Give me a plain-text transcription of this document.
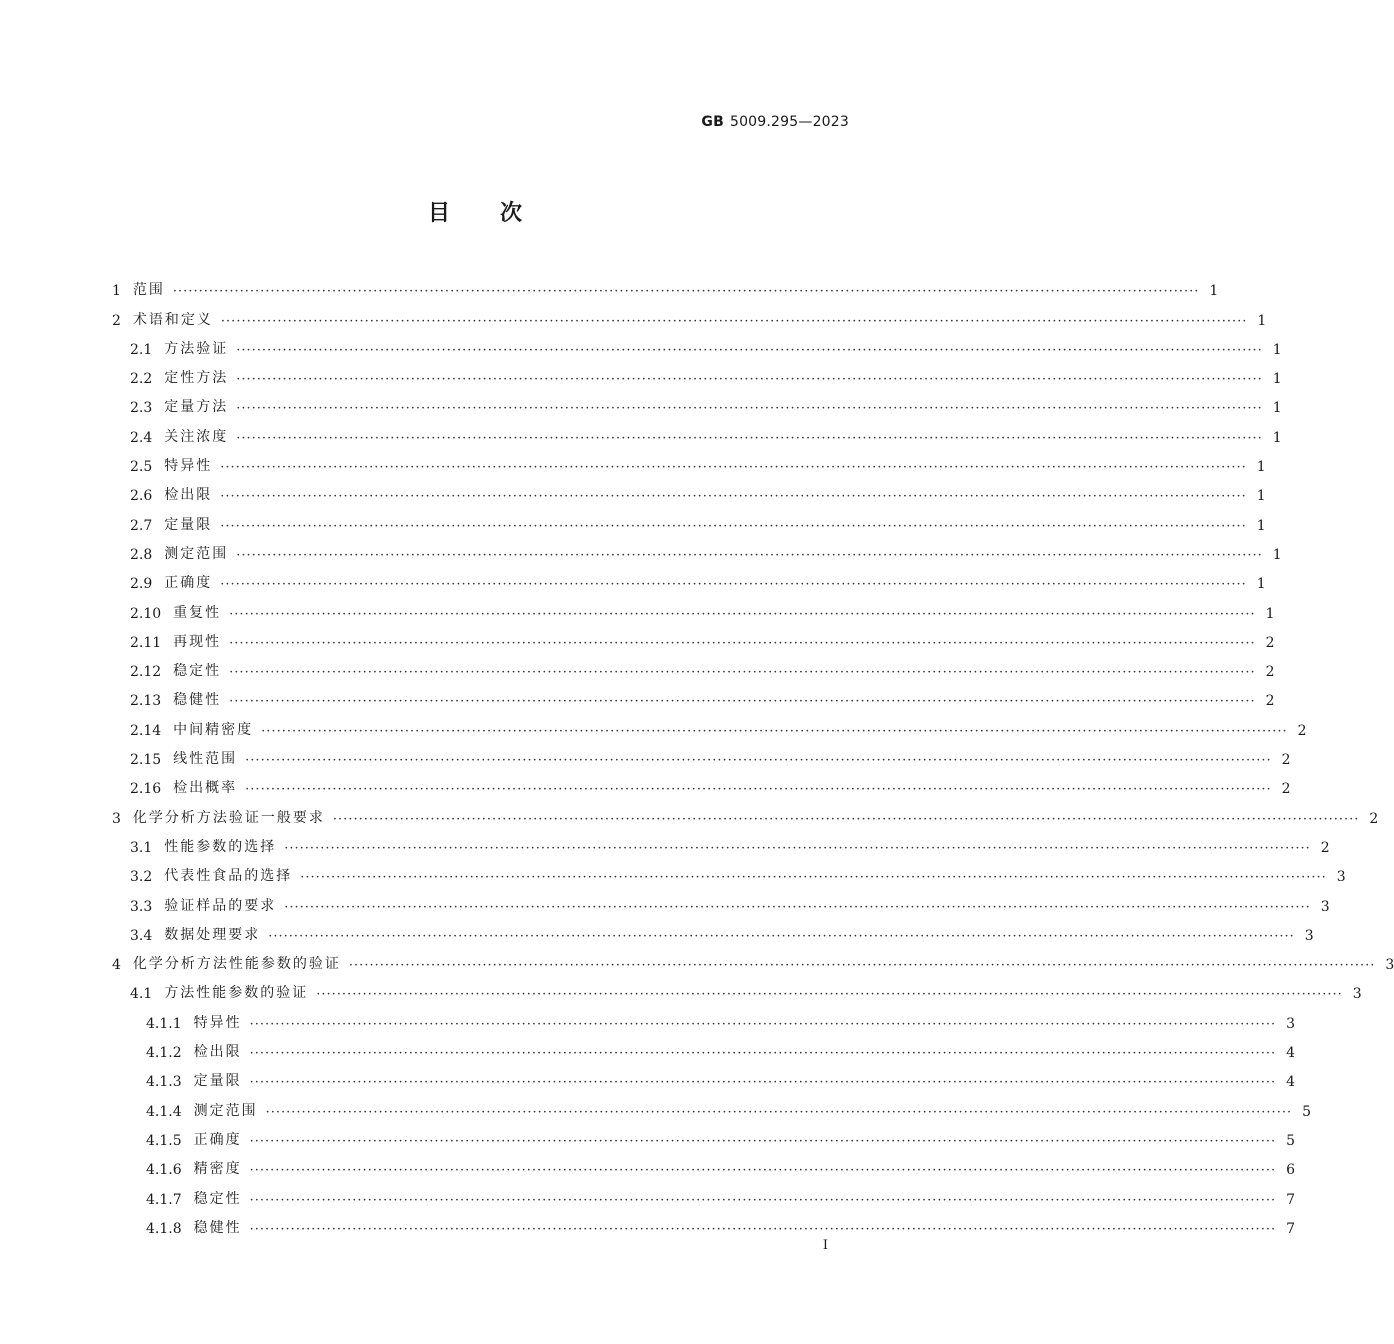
GB 5009.295—2023
目次
1 范围 ········································································································································································································ 1
2 术语和定义 ········································································································································································································ 1
2.1 方法验证 ········································································································································································································ 1
2.2 定性方法 ········································································································································································································ 1
2.3 定量方法 ········································································································································································································ 1
2.4 关注浓度 ········································································································································································································ 1
2.5 特异性 ········································································································································································································ 1
2.6 检出限 ········································································································································································································ 1
2.7 定量限 ········································································································································································································ 1
2.8 测定范围 ········································································································································································································ 1
2.9 正确度 ········································································································································································································ 1
2.10 重复性 ········································································································································································································ 1
2.11 再现性 ········································································································································································································ 2
2.12 稳定性 ········································································································································································································ 2
2.13 稳健性 ········································································································································································································ 2
2.14 中间精密度 ········································································································································································································ 2
2.15 线性范围 ········································································································································································································ 2
2.16 检出概率 ········································································································································································································ 2
3 化学分析方法验证一般要求 ········································································································································································································ 2
3.1 性能参数的选择 ········································································································································································································ 2
3.2 代表性食品的选择 ········································································································································································································ 3
3.3 验证样品的要求 ········································································································································································································ 3
3.4 数据处理要求 ········································································································································································································ 3
4 化学分析方法性能参数的验证 ········································································································································································································ 3
4.1 方法性能参数的验证 ········································································································································································································ 3
4.1.1 特异性 ········································································································································································································ 3
4.1.2 检出限 ········································································································································································································ 4
4.1.3 定量限 ········································································································································································································ 4
4.1.4 测定范围 ········································································································································································································ 5
4.1.5 正确度 ········································································································································································································ 5
4.1.6 精密度 ········································································································································································································ 6
4.1.7 稳定性 ········································································································································································································ 7
4.1.8 稳健性 ········································································································································································································ 7
I
